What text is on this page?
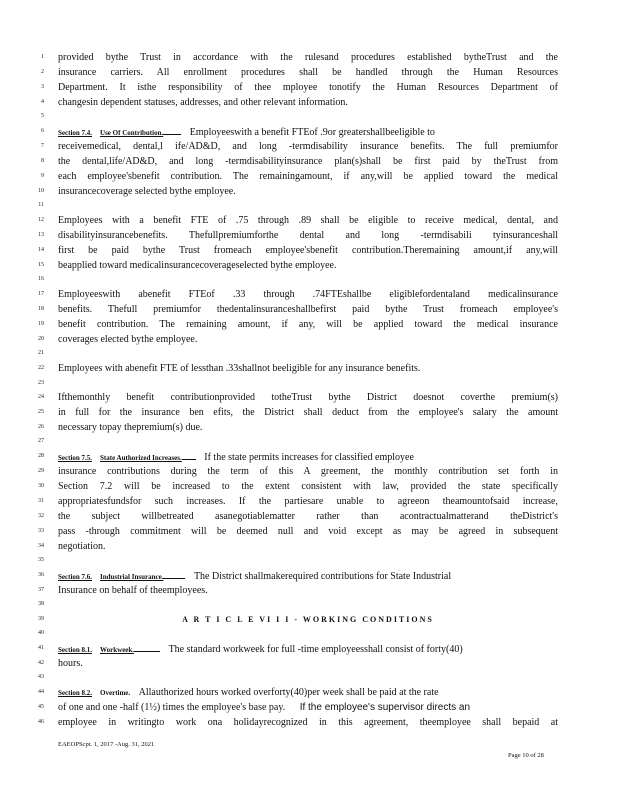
1
2
3
4
5
6
7
8
9
10
11
12
13
14
15
16
17
18
19
20
21
22
23
24
25
26
27
28
29
30
31
32
33
34
35
36
37
38
39
40
41
42
43
44
45
46
provided bythe Trust in accordance with the rulesand procedures established bytheTrust and the
insurance carriers. All enrollment procedures shall be handled through the Human Resources
Department. It isthe responsibility of thee mployee tonotify the Human Resources Department of
changesin dependent statuses, addresses, and other relevant information.
Section 7.4. Use Of Contribution.	Employeeswith a benefit FTEof .9or greatershallbeeligible to
receivemedical, dental,l ife/AD&D, and long -termdisability insurance benefits. The full premiumfor
the dental,life/AD&D, and long -termdisabilityinsurance plan(s)shall be first paid by theTrust from
each employee'sbenefit contribution. The remainingamount, if any,will be applied toward the medical
insurancecoverage selected bythe employee.
Employees with a benefit FTE of .75 through .89 shall be eligible to receive medical, dental, and
disabilityinsurancebenefits. Thefullpremiumforthe dental and long -termdisabili tyinsuranceshall
first be paid bythe Trust fromeach employee'sbenefit contribution.Theremaining amount,if any,will
beapplied toward medicalinsurancecoverageselected bythe employee.
Employeeswith abenefit FTEof .33 through .74FTEshallbe eligiblefordentaland medicalinsurance
benefits. Thefull premiumfor thedentalinsuranceshallbefirst paid bythe Trust fromeach employee's
benefit contribution. The remaining amount, if any, will be applied toward the medical insurance
coverages elected bythe employee.
Employees with abenefit FTE of lessthan .33shallnot beeligible for any insurance benefits.
Ifthemonthly benefit contributionprovided totheTrust bythe District doesnot coverthe premium(s)
in full for the insurance ben efits, the District shall deduct from the employee's salary the amount
necessary topay thepremium(s) due.
Section 7.5. State Authorized Increases. If the state permits increases for classified employee
insurance contributions during the term of this A greement, the monthly contribution set forth in
Section 7.2 will be increased to the extent consistent with law, provided the state specifically
appropriatesfundsfor such increases. If the partiesare unable to agreeon theamountofsaid increase,
the subject willbetreated asanegotiablematter rather than acontractualmatterand theDistrict's
pass -through commitment will be deemed null and void except as may be agreed in subsequent
negotiation.
Section 7.6. Industrial Insurance.	The District shallmakerequired contributions for State Industrial
Insurance on behalf of theemployees.
A R T I C L E VI I I - WORKING CONDITIONS
Section 8.1. Workweek.	The standard workweek for full -time employeesshall consist of forty(40)
hours.
Section 8.2. Overtime. Allauthorized hours worked overforty(40)per week shall be paid at the rate
of one and one -half (1½) times the employee's base pay. If the employee's supervisor directs an
employee in writingto work ona holidayrecognized in this agreement, theemployee shall bepaid at
EAEOPScpt. 1, 2017 -Aug. 31, 2021
Page 10 of 28
